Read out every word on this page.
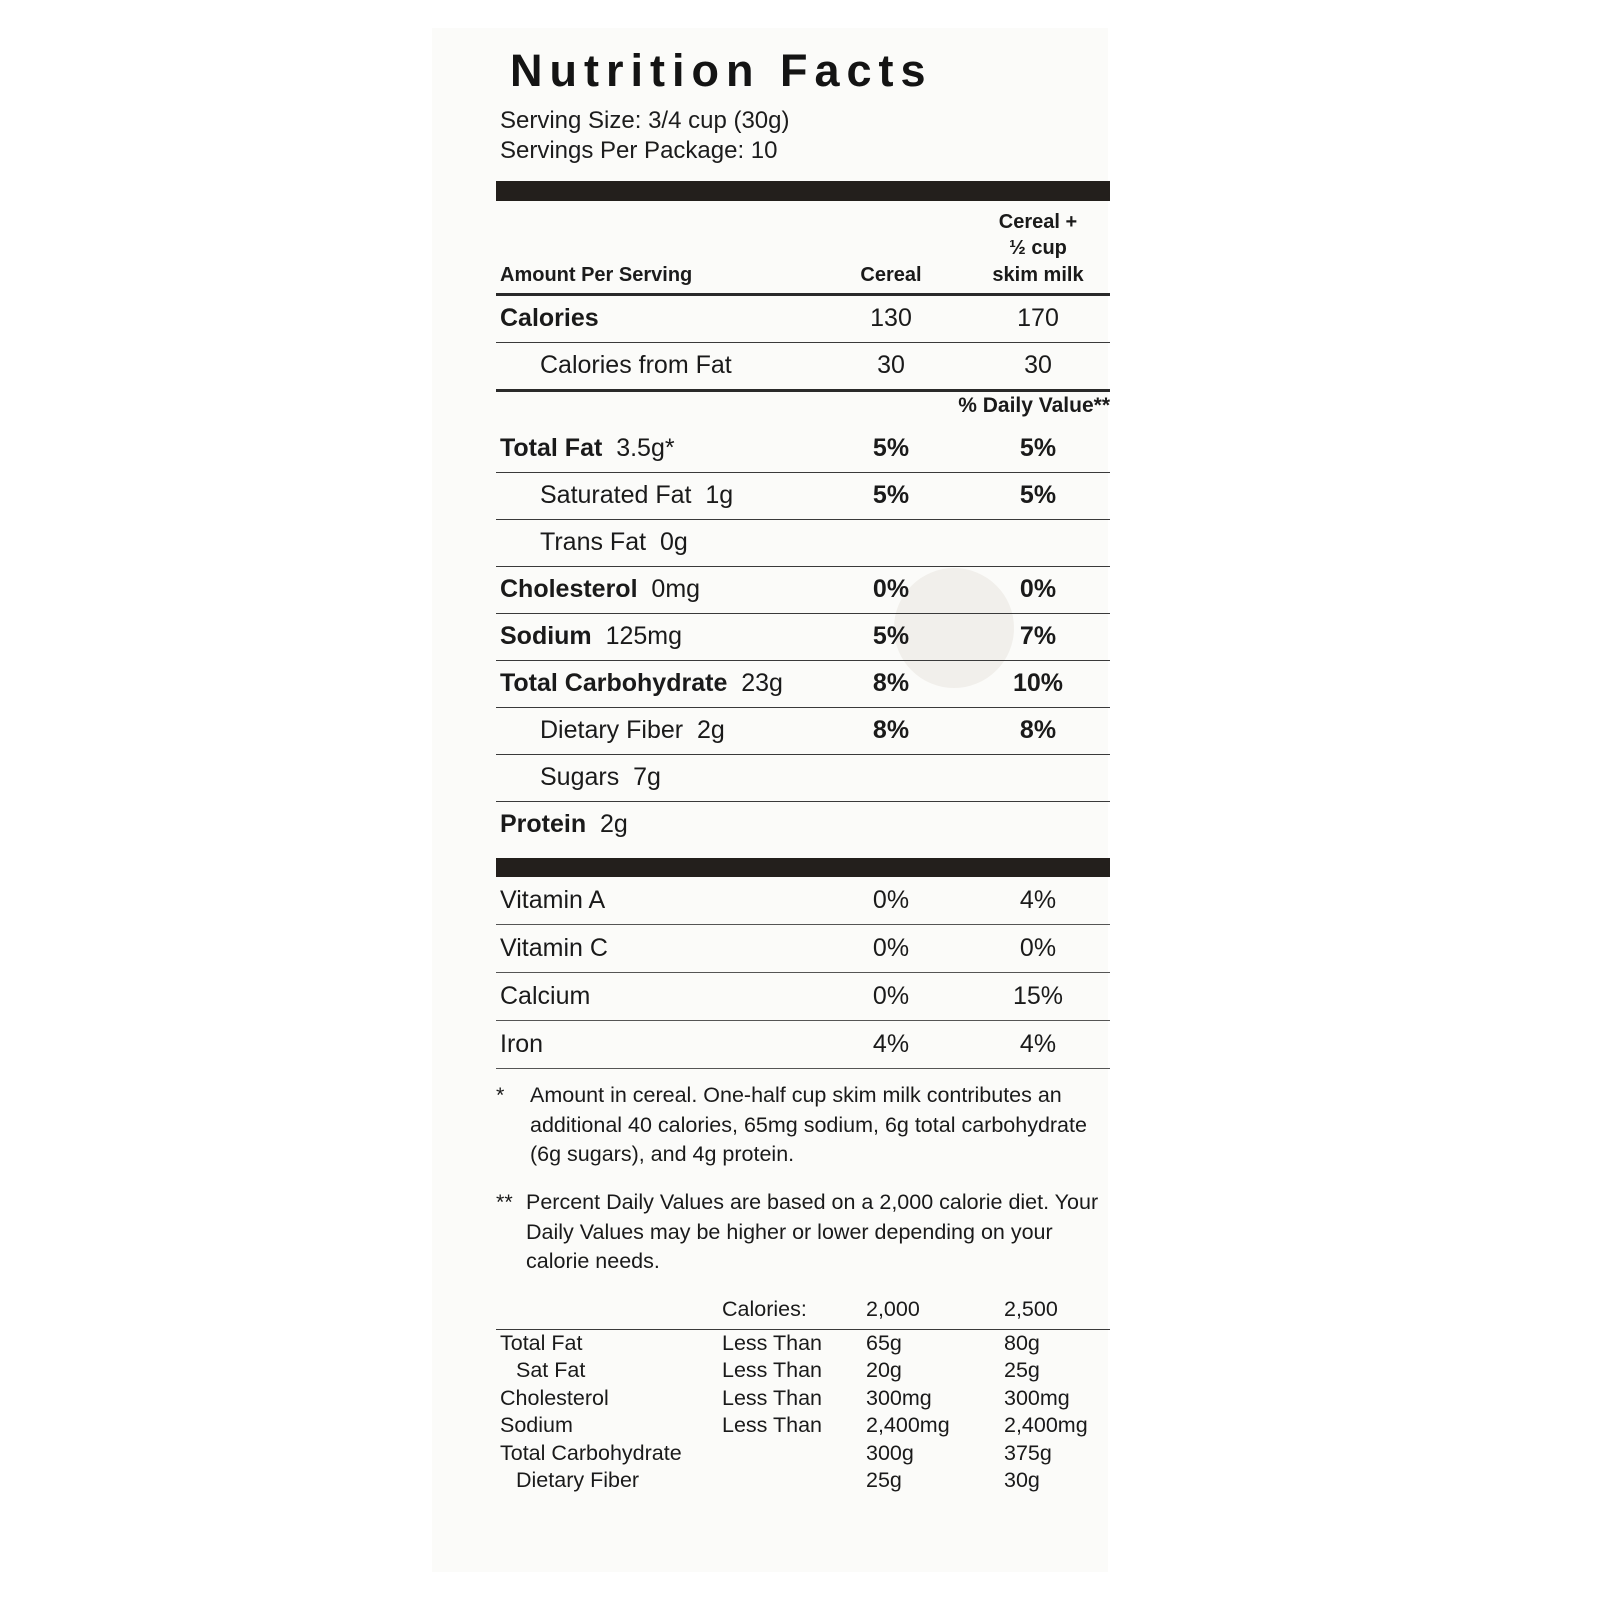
Nutrition Facts
Serving Size: 3/4 cup (30g)
Servings Per Package: 10
Amount Per Serving	Cereal
Cereal +
½ cup
skim milk
Calories	130	170
Calories from Fat	30	30
% Daily Value**
Total Fat  3.5g*	5%	5%
Saturated Fat  1g	5%	5%
Trans Fat  0g
Cholesterol  0mg	0%	0%
Sodium  125mg	5%	7%
Total Carbohydrate  23g	8%	10%
Dietary Fiber  2g	8%	8%
Sugars  7g
Protein  2g
Vitamin A	0%	4%
Vitamin C	0%	0%
Calcium	0%	15%
Iron	4%	4%
* Amount in cereal. One-half cup skim milk contributes an additional 40 calories, 65mg sodium, 6g total carbohydrate (6g sugars), and 4g protein.
** Percent Daily Values are based on a 2,000 calorie diet. Your Daily Values may be higher or lower depending on your calorie needs.
Calories:	2,000	2,500
Total Fat	Less Than 65g	80g
Sat Fat	Less Than 20g	25g
Cholesterol	Less Than 300mg	300mg
Sodium	Less Than 2,400mg	2,400mg
Total Carbohydrate	300g	375g
Dietary Fiber	25g	30g
